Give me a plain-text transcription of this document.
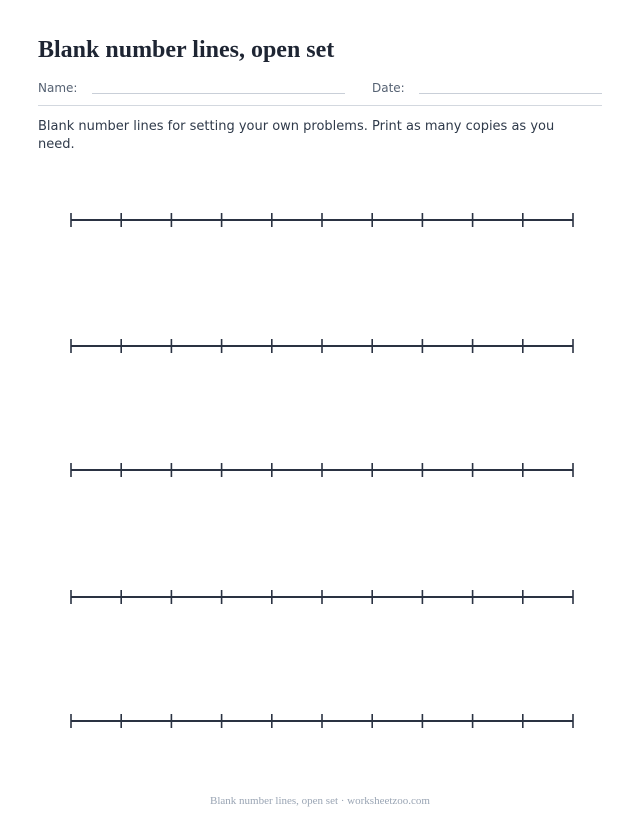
Blank number lines, open set
Name:	Date:

Blank number lines for setting your own problems. Print as many copies as you need.

Blank number lines, open set · worksheetzoo.com
